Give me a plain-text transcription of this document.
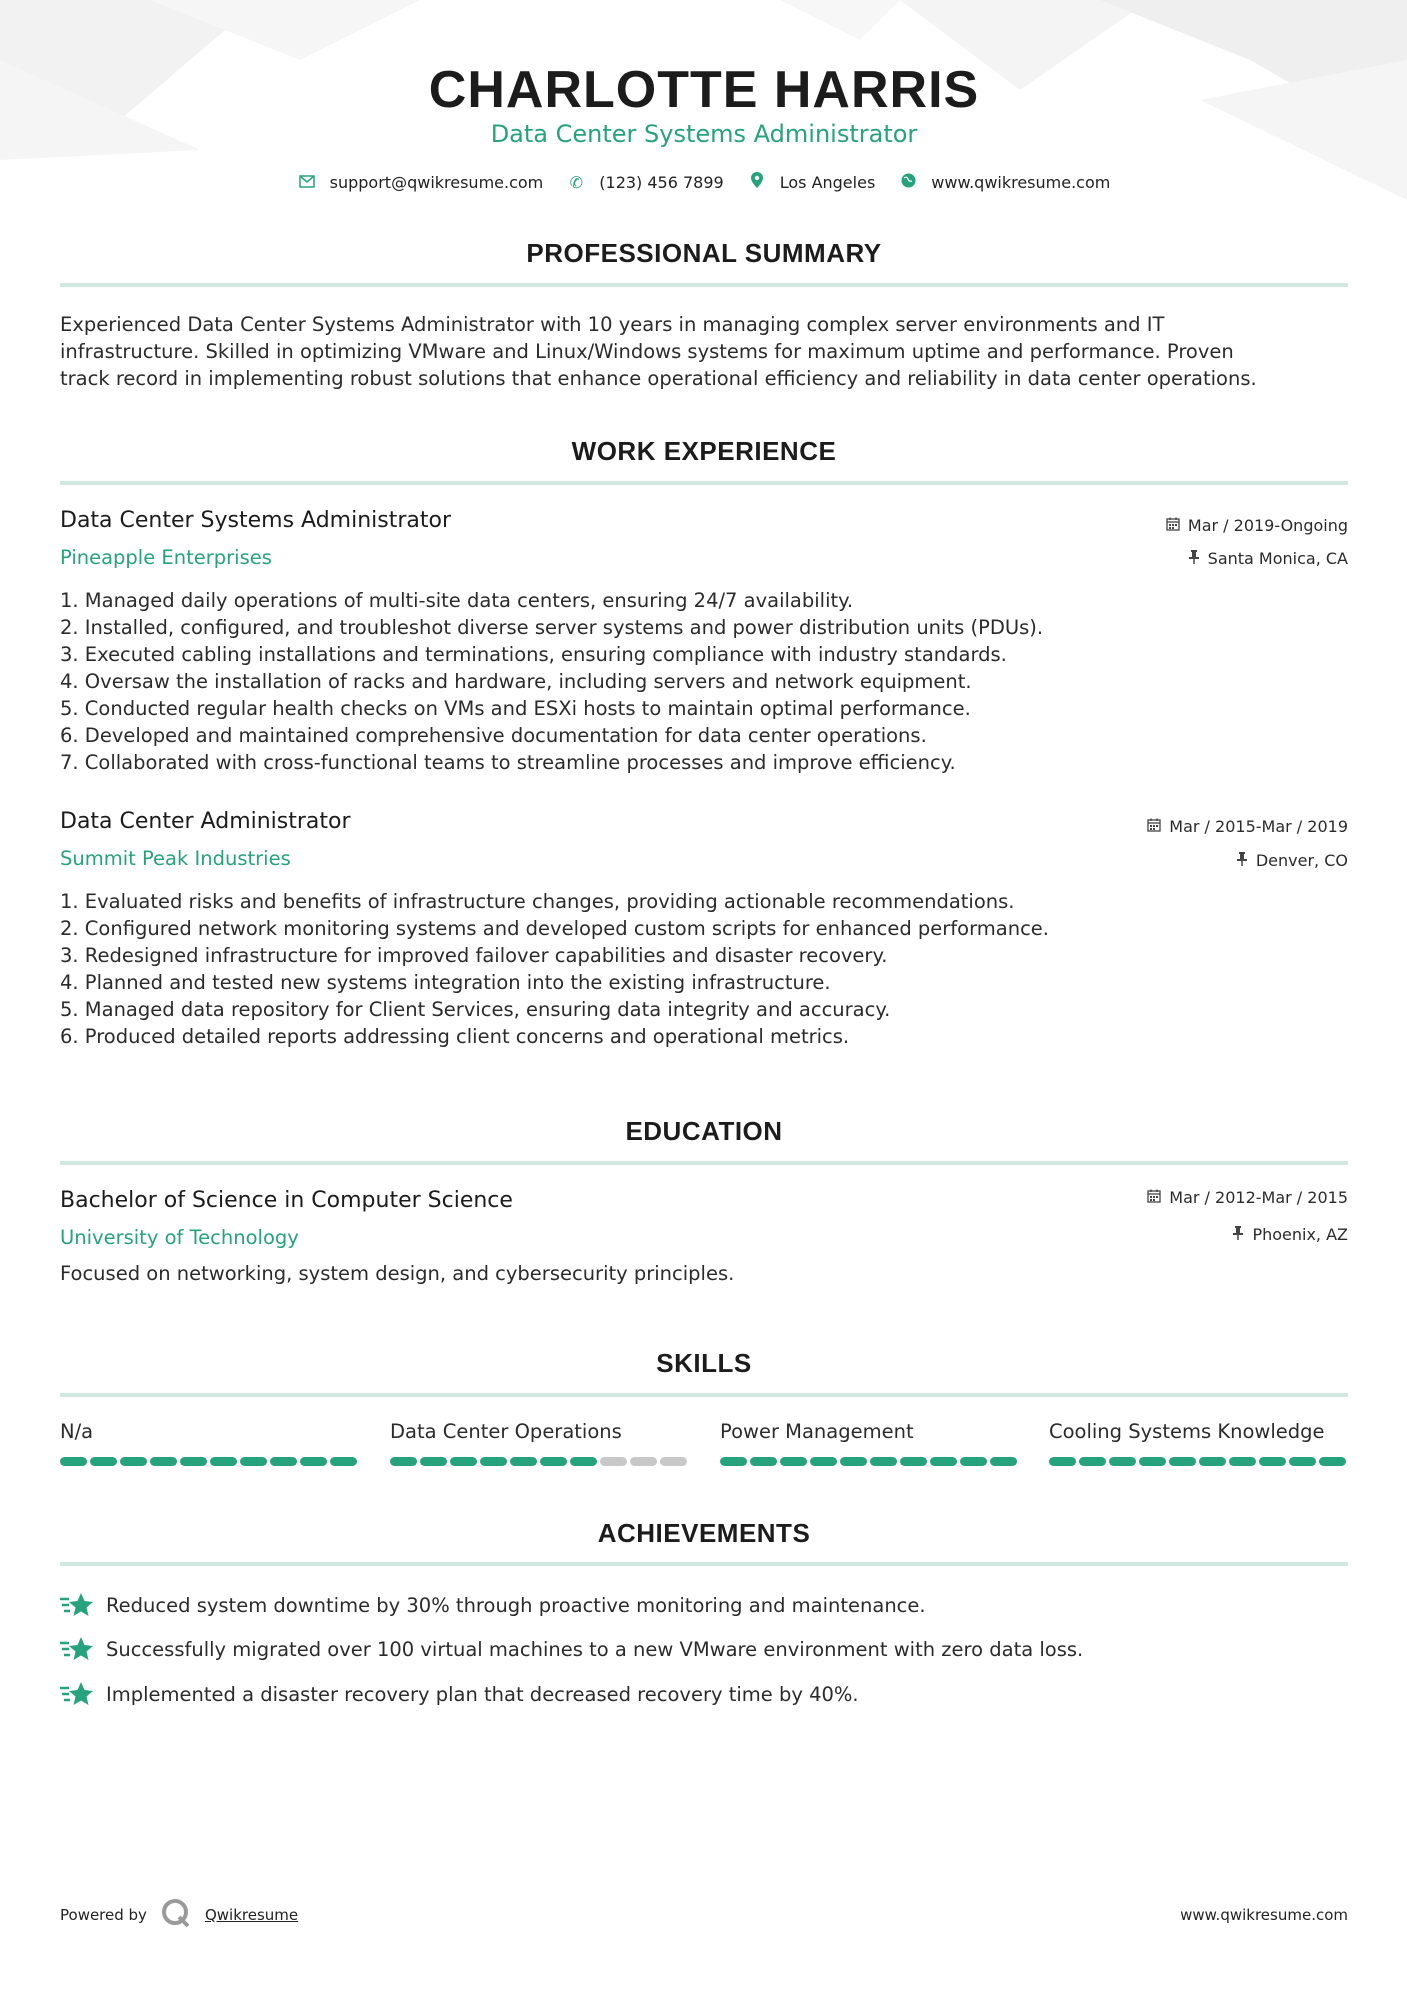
CHARLOTTE HARRIS
Data Center Systems Administrator
support@qwikresume.com ✆ (123) 456 7899	Los Angeles	www.qwikresume.com
PROFESSIONAL SUMMARY
Experienced Data Center Systems Administrator with 10 years in managing complex server environments and IT
infrastructure. Skilled in optimizing VMware and Linux/Windows systems for maximum uptime and performance. Proven
track record in implementing robust solutions that enhance operational efficiency and reliability in data center operations.
WORK EXPERIENCE
Data Center Systems Administrator	Mar / 2019-Ongoing
Pineapple Enterprises	Santa Monica, CA
1. Managed daily operations of multi-site data centers, ensuring 24/7 availability.
2. Installed, configured, and troubleshot diverse server systems and power distribution units (PDUs).
3. Executed cabling installations and terminations, ensuring compliance with industry standards.
4. Oversaw the installation of racks and hardware, including servers and network equipment.
5. Conducted regular health checks on VMs and ESXi hosts to maintain optimal performance.
6. Developed and maintained comprehensive documentation for data center operations.
7. Collaborated with cross-functional teams to streamline processes and improve efficiency.
Data Center Administrator	Mar / 2015-Mar / 2019
Summit Peak Industries	Denver, CO
1. Evaluated risks and benefits of infrastructure changes, providing actionable recommendations.
2. Configured network monitoring systems and developed custom scripts for enhanced performance.
3. Redesigned infrastructure for improved failover capabilities and disaster recovery.
4. Planned and tested new systems integration into the existing infrastructure.
5. Managed data repository for Client Services, ensuring data integrity and accuracy.
6. Produced detailed reports addressing client concerns and operational metrics.
EDUCATION
Bachelor of Science in Computer Science	Mar / 2012-Mar / 2015
University of Technology	Phoenix, AZ
Focused on networking, system design, and cybersecurity principles.
SKILLS
N/a	Data Center Operations	Power Management	Cooling Systems Knowledge
ACHIEVEMENTS
Reduced system downtime by 30% through proactive monitoring and maintenance.
Successfully migrated over 100 virtual machines to a new VMware environment with zero data loss.
Implemented a disaster recovery plan that decreased recovery time by 40%.
Powered by	Qwikresume	www.qwikresume.com
